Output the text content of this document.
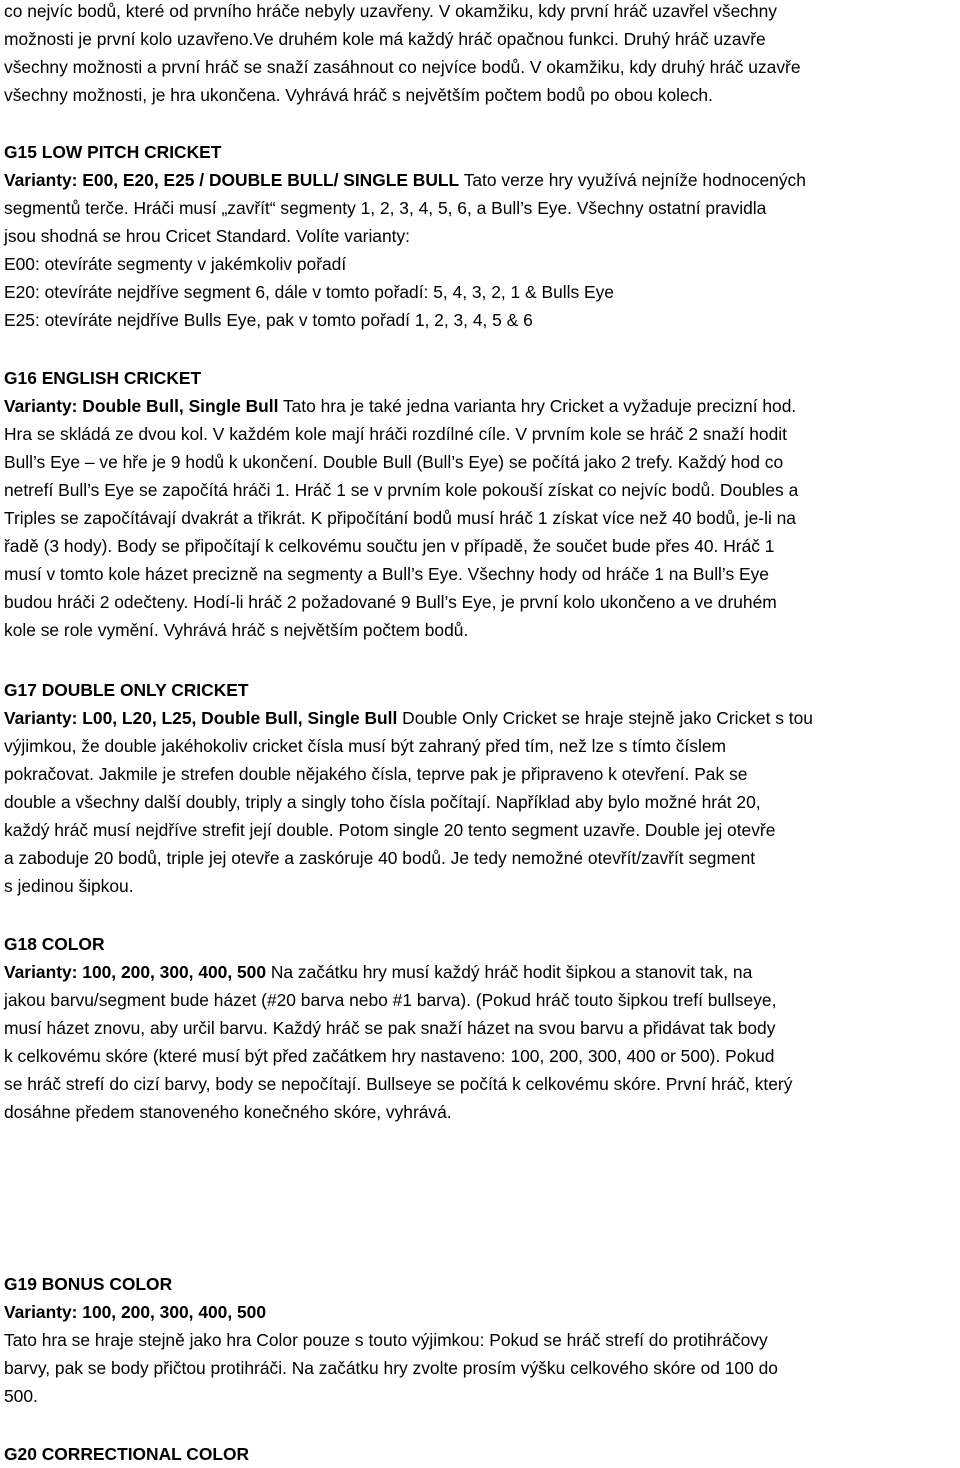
co nejvíc bodů, které od prvního hráče nebyly uzavřeny. V okamžiku, kdy první hráč uzavřel všechny

možnosti je první kolo uzavřeno.Ve druhém kole má každý hráč opačnou funkci. Druhý hráč uzavře

všechny možnosti a první hráč se snaží zasáhnout co nejvíce bodů. V okamžiku, kdy druhý hráč uzavře

všechny možnosti, je hra ukončena. Vyhrává hráč s největším počtem bodů po obou kolech.

G15 LOW PITCH CRICKET

Varianty: E00, E20, E25 / DOUBLE BULL/ SINGLE BULL Tato verze hry využívá nejníže hodnocených

segmentů terče. Hráči musí „zavřít“ segmenty 1, 2, 3, 4, 5, 6, a Bull’s Eye. Všechny ostatní pravidla

jsou shodná se hrou Cricet Standard. Volíte varianty:

E00: otevíráte segmenty v jakémkoliv pořadí

E20: otevíráte nejdříve segment 6, dále v tomto pořadí: 5, 4, 3, 2, 1 & Bulls Eye

E25: otevíráte nejdříve Bulls Eye, pak v tomto pořadí 1, 2, 3, 4, 5 & 6

G16 ENGLISH CRICKET

Varianty: Double Bull, Single Bull Tato hra je také jedna varianta hry Cricket a vyžaduje precizní hod.

Hra se skládá ze dvou kol. V každém kole mají hráči rozdílné cíle. V prvním kole se hráč 2 snaží hodit

Bull’s Eye – ve hře je 9 hodů k ukončení. Double Bull (Bull’s Eye) se počítá jako 2 trefy. Každý hod co

netrefí Bull’s Eye se započítá hráči 1. Hráč 1 se v prvním kole pokouší získat co nejvíc bodů. Doubles a

Triples se započítávají dvakrát a třikrát. K připočítání bodů musí hráč 1 získat více než 40 bodů, je-li na

řadě (3 hody). Body se připočítají k celkovému součtu jen v případě, že součet bude přes 40. Hráč 1

musí v tomto kole házet precizně na segmenty a Bull’s Eye. Všechny hody od hráče 1 na Bull’s Eye

budou hráči 2 odečteny. Hodí-li hráč 2 požadované 9 Bull’s Eye, je první kolo ukončeno a ve druhém

kole se role vymění. Vyhrává hráč s největším počtem bodů.

G17 DOUBLE ONLY CRICKET

Varianty: L00, L20, L25, Double Bull, Single Bull Double Only Cricket se hraje stejně jako Cricket s tou

výjimkou, že double jakéhokoliv cricket čísla musí být zahraný před tím, než lze s tímto číslem

pokračovat. Jakmile je strefen double nějakého čísla, teprve pak je připraveno k otevření. Pak se

double a všechny další doubly, triply a singly toho čísla počítají. Například aby bylo možné hrát 20,

každý hráč musí nejdříve strefit její double. Potom single 20 tento segment uzavře. Double jej otevře

a zaboduje 20 bodů, triple jej otevře a zaskóruje 40 bodů. Je tedy nemožné otevřít/zavřít segment

s jedinou šipkou.

G18 COLOR

Varianty: 100, 200, 300, 400, 500 Na začátku hry musí každý hráč hodit šipkou a stanovit tak, na

jakou barvu/segment bude házet (#20 barva nebo #1 barva). (Pokud hráč touto šipkou trefí bullseye,

musí házet znovu, aby určil barvu. Každý hráč se pak snaží házet na svou barvu a přidávat tak body

k celkovému skóre (které musí být před začátkem hry nastaveno: 100, 200, 300, 400 or 500). Pokud

se hráč strefí do cizí barvy, body se nepočítají. Bullseye se počítá k celkovému skóre. První hráč, který

dosáhne předem stanoveného konečného skóre, vyhrává.

G19 BONUS COLOR

Varianty: 100, 200, 300, 400, 500

Tato hra se hraje stejně jako hra Color pouze s touto výjimkou: Pokud se hráč strefí do protihráčovy

barvy, pak se body přičtou protihráči. Na začátku hry zvolte prosím výšku celkového skóre od 100 do

500.

G20 CORRECTIONAL COLOR
